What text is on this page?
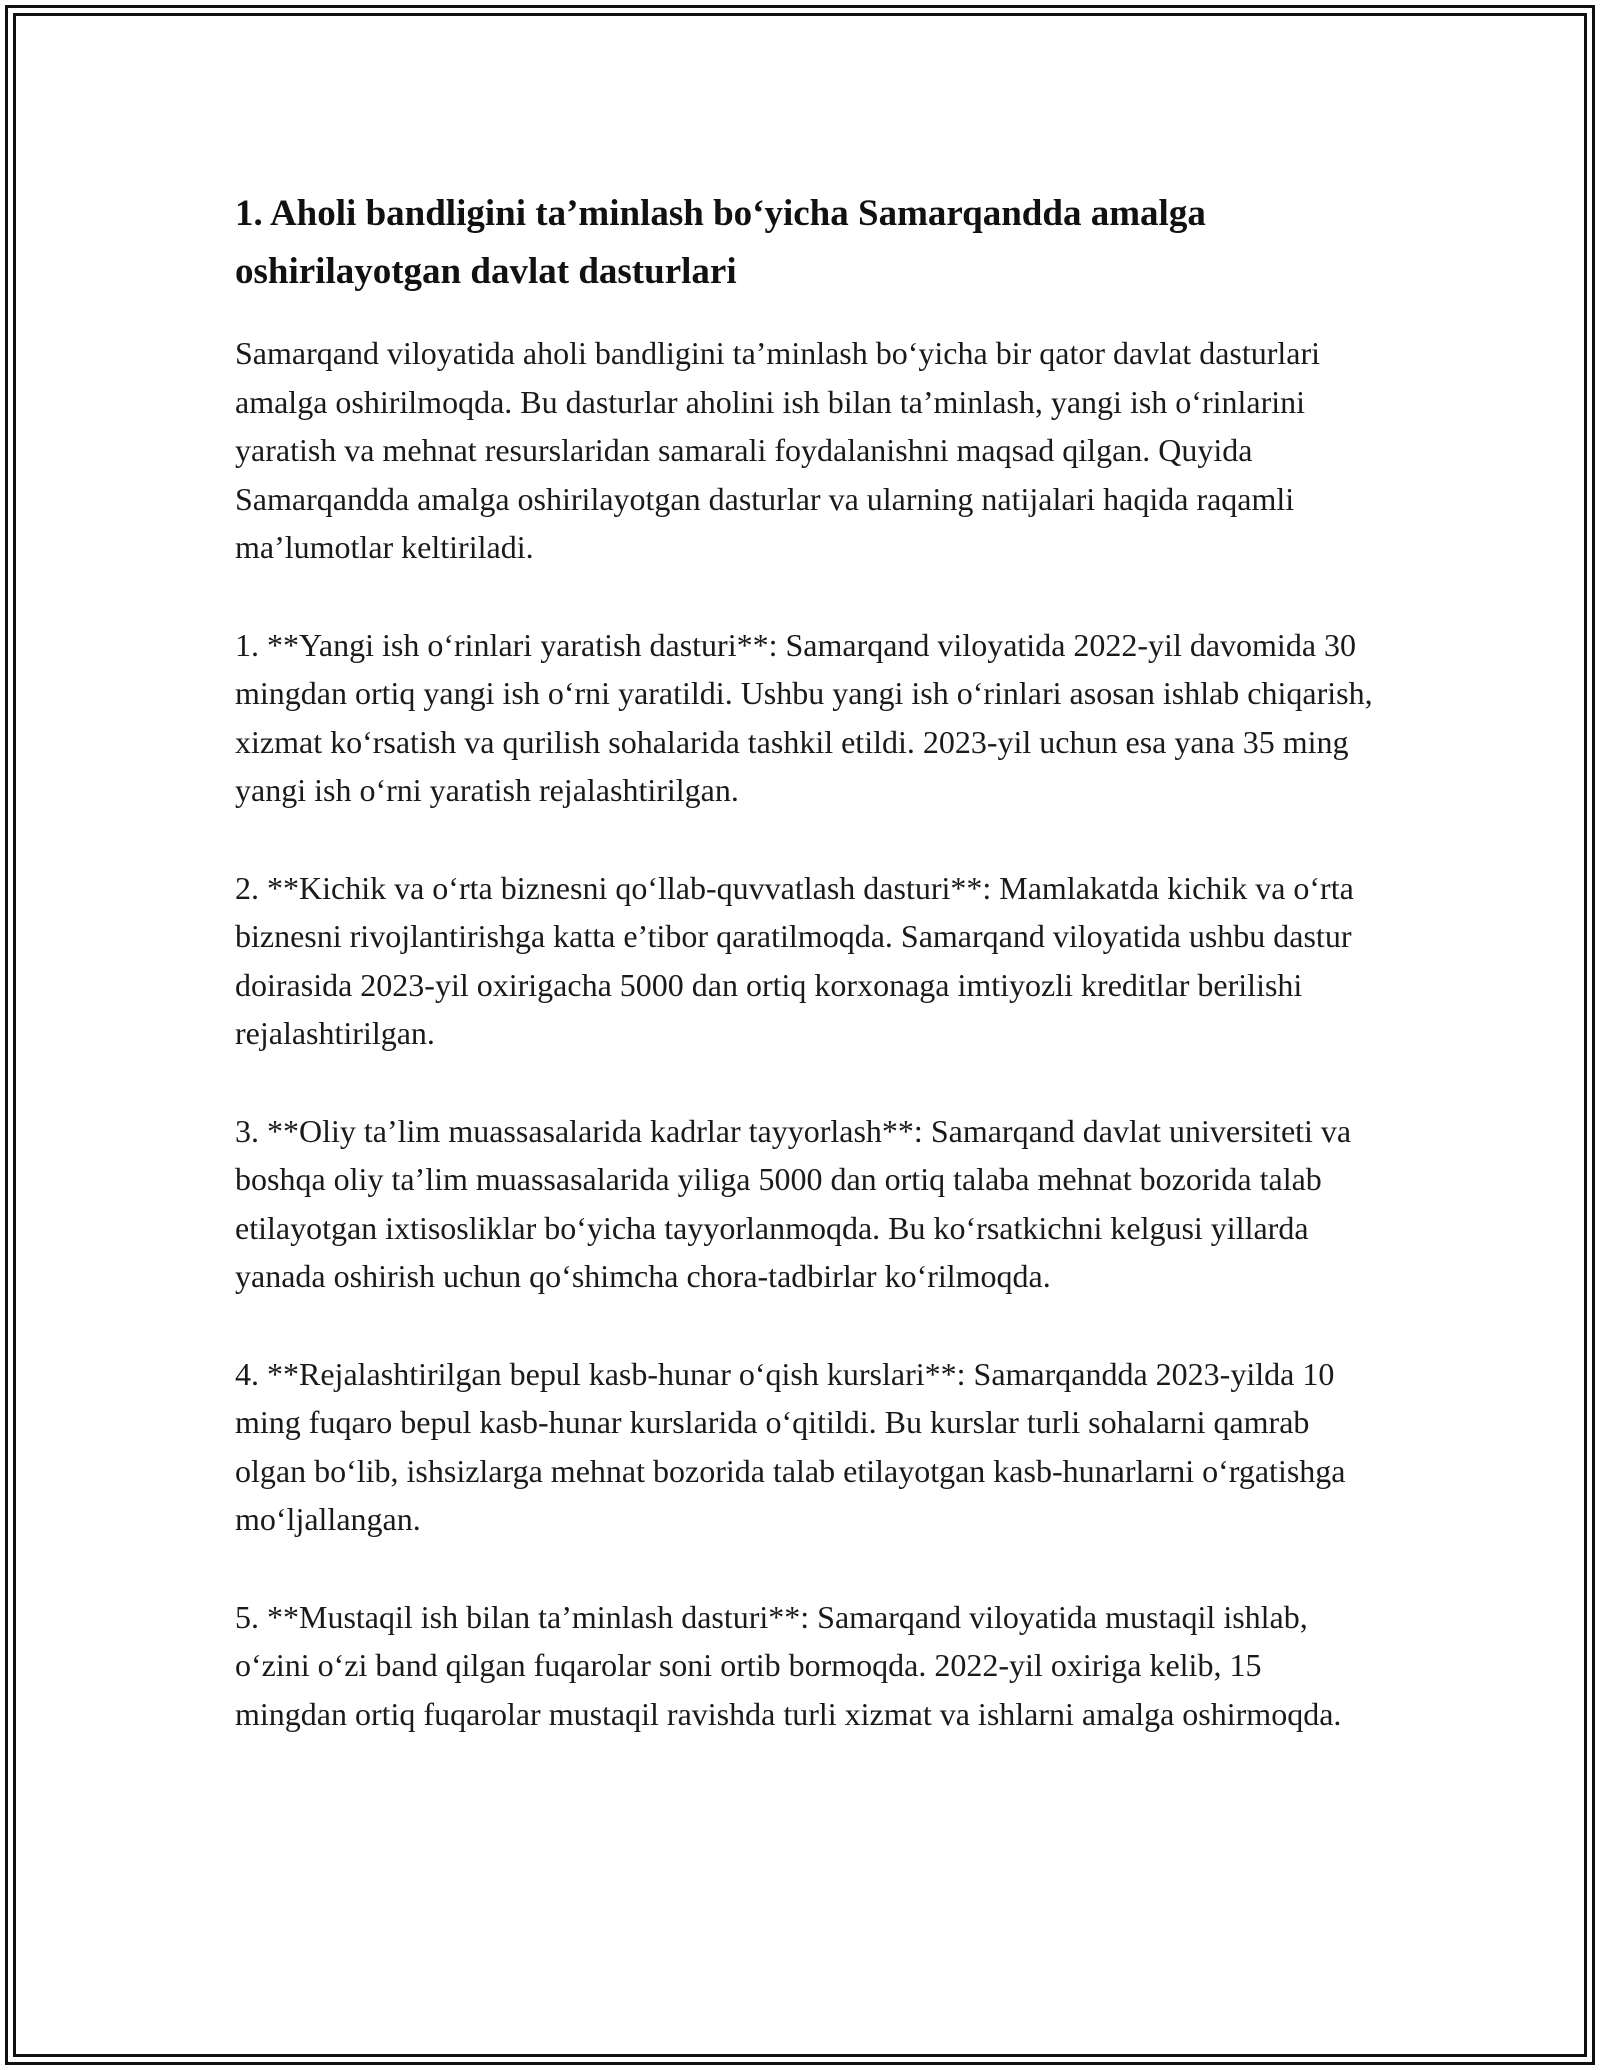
1. Aholi bandligini ta’minlash bo‘yicha Samarqandda amalga oshirilayotgan davlat dasturlari

Samarqand viloyatida aholi bandligini ta’minlash bo‘yicha bir qator davlat dasturlari amalga oshirilmoqda. Bu dasturlar aholini ish bilan ta’minlash, yangi ish o‘rinlarini yaratish va mehnat resurslaridan samarali foydalanishni maqsad qilgan. Quyida Samarqandda amalga oshirilayotgan dasturlar va ularning natijalari haqida raqamli ma’lumotlar keltiriladi.

1. **Yangi ish o‘rinlari yaratish dasturi**: Samarqand viloyatida 2022-yil davomida 30 mingdan ortiq yangi ish o‘rni yaratildi. Ushbu yangi ish o‘rinlari asosan ishlab chiqarish, xizmat ko‘rsatish va qurilish sohalarida tashkil etildi. 2023-yil uchun esa yana 35 ming yangi ish o‘rni yaratish rejalashtirilgan.

2. **Kichik va o‘rta biznesni qo‘llab-quvvatlash dasturi**: Mamlakatda kichik va o‘rta biznesni rivojlantirishga katta e’tibor qaratilmoqda. Samarqand viloyatida ushbu dastur doirasida 2023-yil oxirigacha 5000 dan ortiq korxonaga imtiyozli kreditlar berilishi rejalashtirilgan.

3. **Oliy ta’lim muassasalarida kadrlar tayyorlash**: Samarqand davlat universiteti va boshqa oliy ta’lim muassasalarida yiliga 5000 dan ortiq talaba mehnat bozorida talab etilayotgan ixtisosliklar bo‘yicha tayyorlanmoqda. Bu ko‘rsatkichni kelgusi yillarda yanada oshirish uchun qo‘shimcha chora-tadbirlar ko‘rilmoqda.

4. **Rejalashtirilgan bepul kasb-hunar o‘qish kurslari**: Samarqandda 2023-yilda 10 ming fuqaro bepul kasb-hunar kurslarida o‘qitildi. Bu kurslar turli sohalarni qamrab olgan bo‘lib, ishsizlarga mehnat bozorida talab etilayotgan kasb-hunarlarni o‘rgatishga mo‘ljallangan.

5. **Mustaqil ish bilan ta’minlash dasturi**: Samarqand viloyatida mustaqil ishlab, o‘zini o‘zi band qilgan fuqarolar soni ortib bormoqda. 2022-yil oxiriga kelib, 15 mingdan ortiq fuqarolar mustaqil ravishda turli xizmat va ishlarni amalga oshirmoqda.
